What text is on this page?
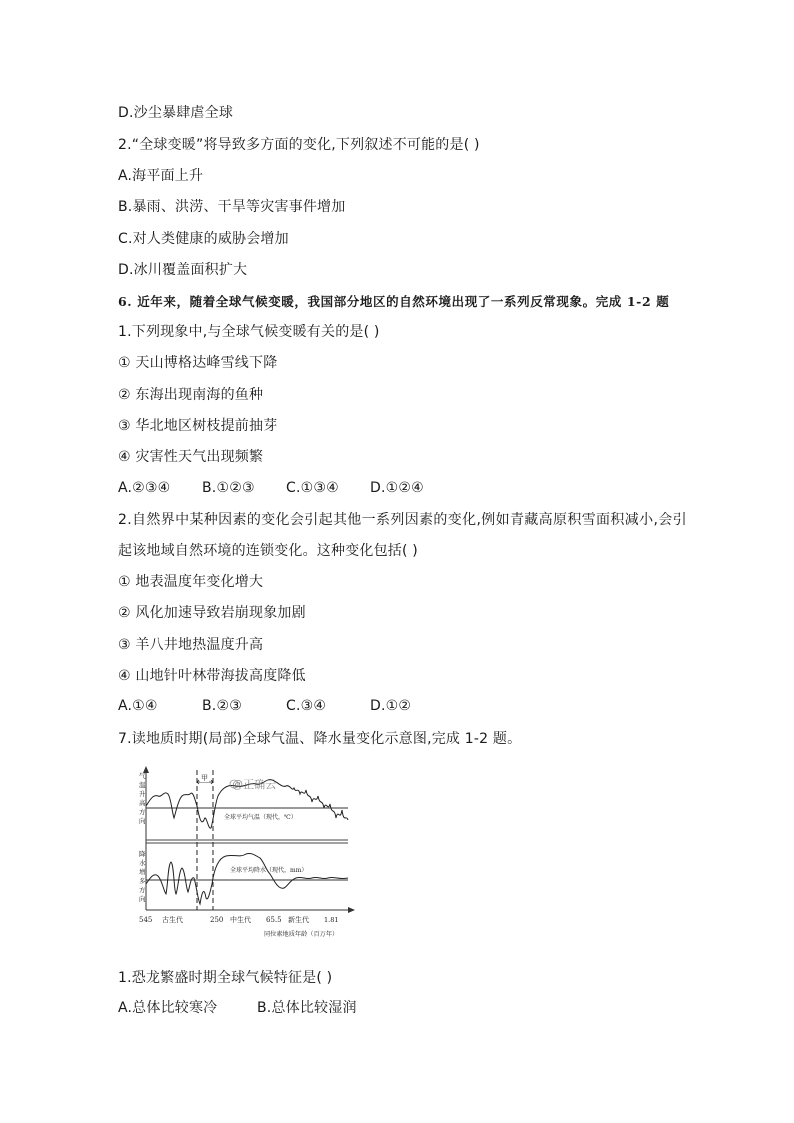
D.沙尘暴肆虐全球
2.“全球变暖”将导致多方面的变化,下列叙述不可能的是( )
A.海平面上升
B.暴雨、洪涝、干旱等灾害事件增加
C.对人类健康的威胁会增加
D.冰川覆盖面积扩大
6. 近年来，随着全球气候变暖，我国部分地区的自然环境出现了一系列反常现象。完成 1-2 题
1.下列现象中,与全球气候变暖有关的是( )
① 天山博格达峰雪线下降
② 东海出现南海的鱼种
③ 华北地区树枝提前抽芽
④ 灾害性天气出现频繁
A.②③④ B.①②③ C.①③④ D.①②④
2.自然界中某种因素的变化会引起其他一系列因素的变化,例如青藏高原积雪面积减小,会引
起该地域自然环境的连锁变化。这种变化包括( )
① 地表温度年变化增大
② 风化加速导致岩崩现象加剧
③ 羊八井地热温度升高
④ 山地针叶林带海拔高度降低
A.①④	B.②③	C.③④	D.①②
7.读地质时期(局部)全球气温、降水量变化示意图,完成 1-2 题。
甲
@正确云
全球平均气温（现代，℃）
全球平均降水（现代，mm）
气
温
升
高
方
向
降
水
增
多
方
向
545 古生代	250 中生代 65.5 新生代 1.81
同位素地质年龄（百万年）
1.恐龙繁盛时期全球气候特征是( )
A.总体比较寒冷	B.总体比较湿润
